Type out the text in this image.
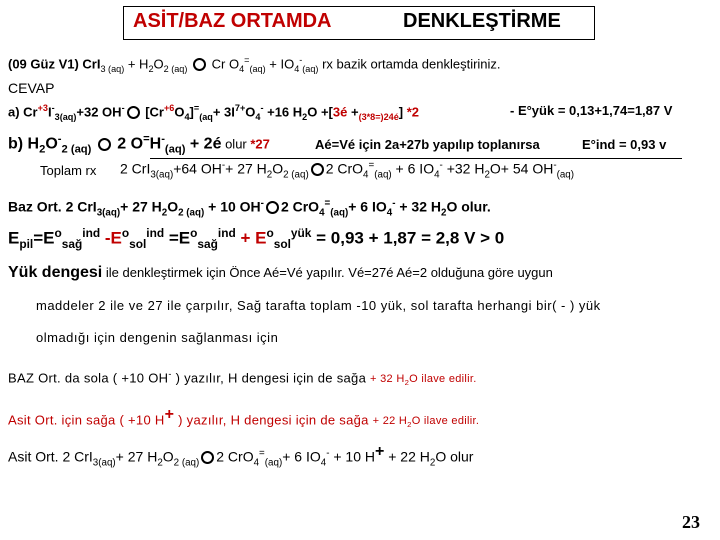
ASİT/BAZ ORTAMDA	DENKLEŞTİRME
(09 Güz V1) $CrI_{3 (aq)} + H_2O_{2 (aq)}$  Cr $O_4^=_{(aq)} + IO_4^-_{(aq)}$ rx bazik ortamda denkleştiriniz.
CEVAP
a) $Cr^{+3}I^-_{3(aq)}+32$ OH- $[Cr^{+6}O_4]^=_{(aq}+ 3I^{7+}O_4^- +16$ $H_2O$ +[3é $+_{(3*8=)24é}$] *2	- E°yük = 0,13+1,74=1,87 V
b) $H_2O^-_{2 (aq)}$ 2 $O^=H^-_{(aq)}$ + 2é olur *27	Aé=Vé için 2a+27b yapılıp toplanırsa	E°ind = 0,93 v
Toplam rx 2 CrI$_{3(aq)}$+64 OH-+ 27 $H_2O_{2 (aq)}$ 2 CrO$_4$=$_{(aq)}$ + 6 $IO_4^- +32$ $H_2O+ 54$ $OH^-_{(aq)}$
Baz Ort. 2 CrI$_{3(aq)}$+ 27 $H_2O_{2 (aq)} + 10$ OH- 2 CrO$_4$=$_{(aq)}$+ 6 $IO_4^- + 32$ $H_2O$ olur.
$E_{pil}=E^o_{sağ}^{ind}$ $-E^o_{sol}^{ind} =E^o_{sağ}^{ind} + E^o_{sol}^{yük} = 0,93 + 1,87 = 2,8$ V > 0
Yük dengesi ile denkleştirmek için Önce Aé=Vé yapılır. Vé=27é Aé=2 olduğuna göre uygun
maddeler 2 ile ve 27 ile çarpılır, Sağ tarafta toplam -10 yük, sol tarafta herhangi bir( - ) yük
olmadığı için dengenin sağlanması için
BAZ Ort. da sola ( +10 OH- ) yazılır, H dengesi için de sağa + 32 $H_2O$ ilave edilir.
Asit Ort. için sağa ( +10 H+ ) yazılır, H dengesi için de sağa + 22 $H_2O$ ilave edilir.
Asit Ort. 2 CrI$_{3(aq)}$+ 27 $H_2O_{2 (aq)}$ 2 CrO$_4$=$_{(aq)}$+ 6 $IO_4^- + 10$ H+ + 22 $H_2O$ olur
23
